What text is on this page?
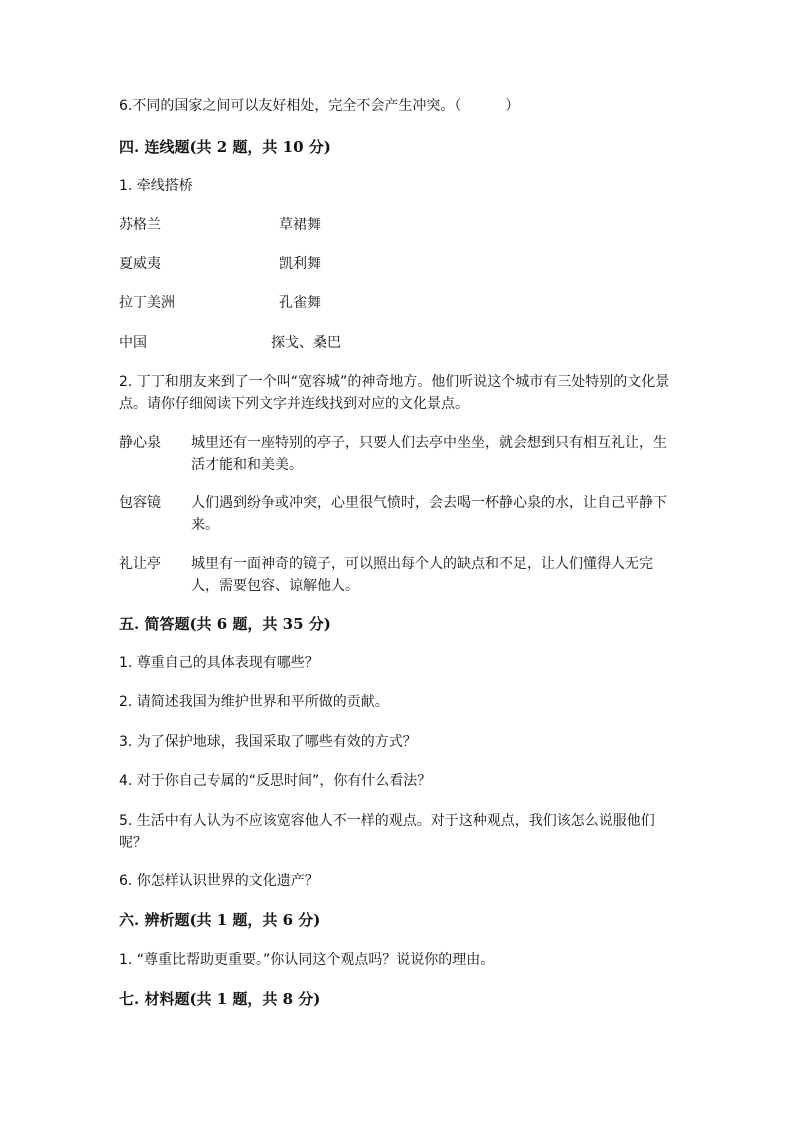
6.不同的国家之间可以友好相处，完全不会产生冲突。（	）
四. 连线题(共 2 题，共 10 分)
1. 牵线搭桥
苏格兰	草裙舞
夏威夷	凯利舞
拉丁美洲	孔雀舞
中国	探戈、桑巴
2. 丁丁和朋友来到了一个叫“宽容城”的神奇地方。他们听说这个城市有三处特别的文化景点。请你仔细阅读下列文字并连线找到对应的文化景点。
静心泉 城里还有一座特别的亭子，只要人们去亭中坐坐，就会想到只有相互礼让，生活才能和和美美。
包容镜 人们遇到纷争或冲突，心里很气愤时，会去喝一杯静心泉的水，让自己平静下来。
礼让亭 城里有一面神奇的镜子，可以照出每个人的缺点和不足，让人们懂得人无完人，需要包容、谅解他人。
五. 简答题(共 6 题，共 35 分)
1. 尊重自己的具体表现有哪些？
2. 请简述我国为维护世界和平所做的贡献。
3. 为了保护地球，我国采取了哪些有效的方式？
4. 对于你自己专属的“反思时间”，你有什么看法？
5. 生活中有人认为不应该宽容他人不一样的观点。对于这种观点，我们该怎么说服他们呢？
6. 你怎样认识世界的文化遗产？
六. 辨析题(共 1 题，共 6 分)
1. “尊重比帮助更重要。”你认同这个观点吗？说说你的理由。
七. 材料题(共 1 题，共 8 分)
